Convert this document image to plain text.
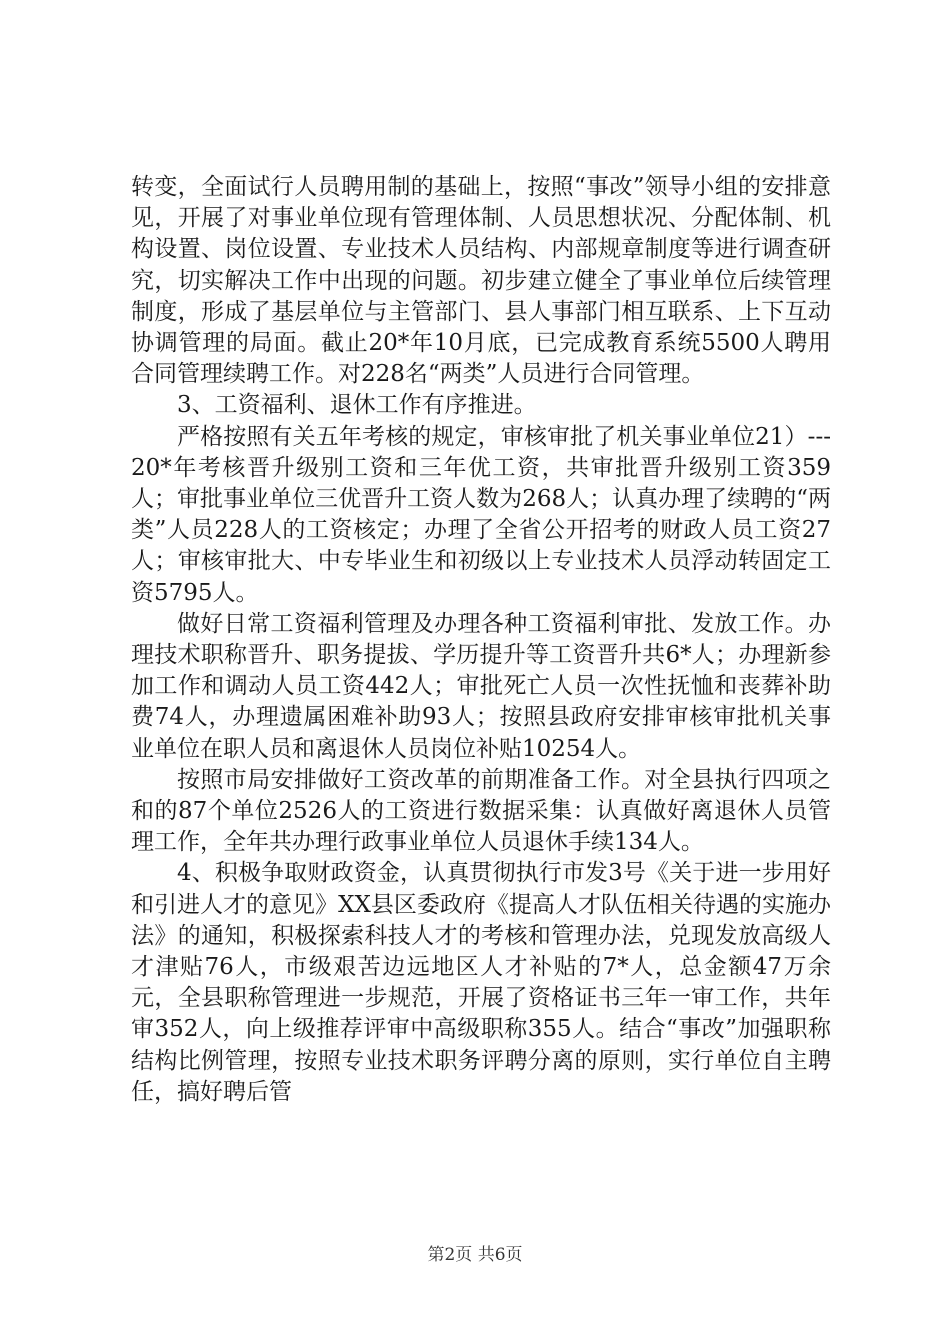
转变，全面试行人员聘用制的基础上，按照“事改”领导小组的安排意见，开展了对事业单位现有管理体制、人员思想状况、分配体制、机构设置、岗位设置、专业技术人员结构、内部规章制度等进行调查研究，切实解决工作中出现的问题。初步建立健全了事业单位后续管理制度，形成了基层单位与主管部门、县人事部门相互联系、上下互动协调管理的局面。截止20*年10月底，已完成教育系统5500人聘用合同管理续聘工作。对228名“两类”人员进行合同管理。

3、工资福利、退休工作有序推进。

严格按照有关五年考核的规定，审核审批了机关事业单位21）---20*年考核晋升级别工资和三年优工资，共审批晋升级别工资359人；审批事业单位三优晋升工资人数为268人；认真办理了续聘的“两类”人员228人的工资核定；办理了全省公开招考的财政人员工资27人；审核审批大、中专毕业生和初级以上专业技术人员浮动转固定工资5795人。

做好日常工资福利管理及办理各种工资福利审批、发放工作。办理技术职称晋升、职务提拔、学历提升等工资晋升共6*人；办理新参加工作和调动人员工资442人；审批死亡人员一次性抚恤和丧葬补助费74人，办理遗属困难补助93人；按照县政府安排审核审批机关事业单位在职人员和离退休人员岗位补贴10254人。

按照市局安排做好工资改革的前期准备工作。对全县执行四项之和的87个单位2526人的工资进行数据采集：认真做好离退休人员管理工作，全年共办理行政事业单位人员退休手续134人。

4、积极争取财政资金，认真贯彻执行市发3号《关于进一步用好和引进人才的意见》XX县区委政府《提高人才队伍相关待遇的实施办法》的通知，积极探索科技人才的考核和管理办法，兑现发放高级人才津贴76人，市级艰苦边远地区人才补贴的7*人，总金额47万余元，全县职称管理进一步规范，开展了资格证书三年一审工作，共年审352人，向上级推荐评审中高级职称355人。结合“事改”加强职称结构比例管理，按照专业技术职务评聘分离的原则，实行单位自主聘任，搞好聘后管

第2页 共6页
